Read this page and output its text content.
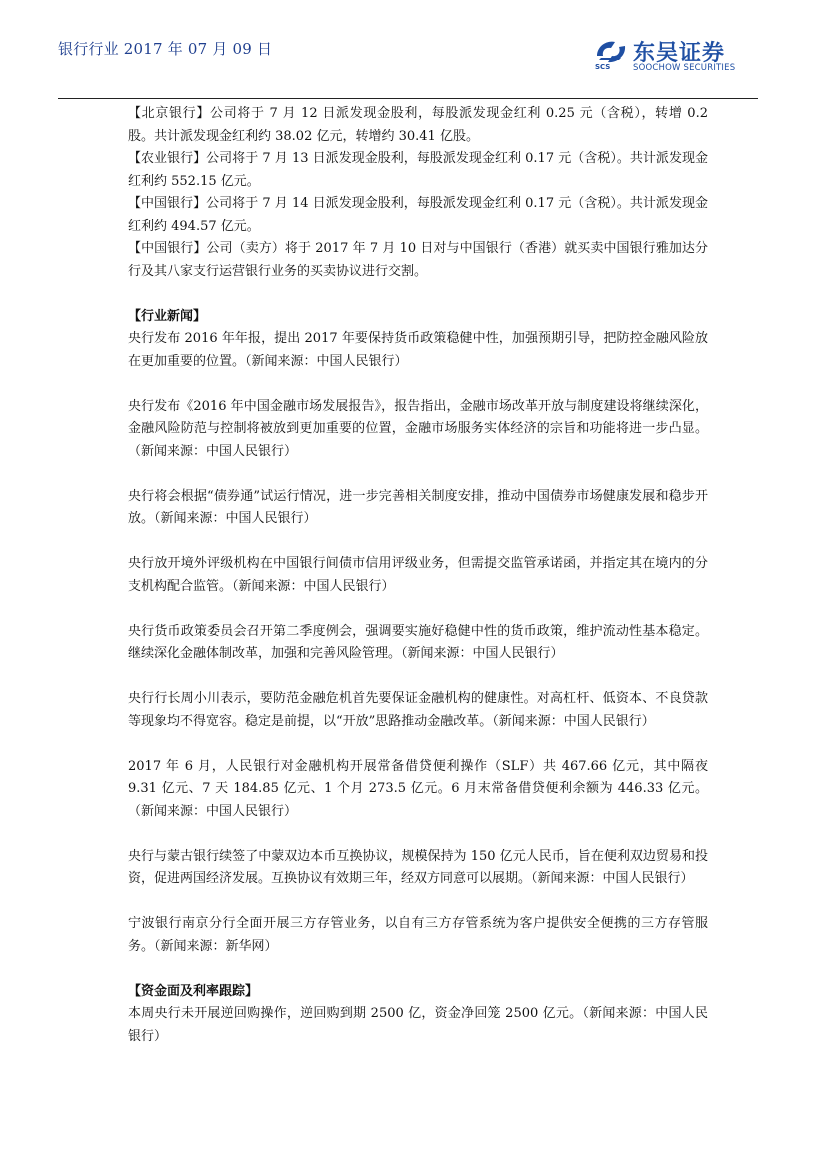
银行行业 2017 年 07 月 09 日
SCS
东吴证券
SOOCHOW SECURITIES

【北京银行】公司将于 7 月 12 日派发现金股利，每股派发现金红利 0.25 元（含税），转增 0.2 股。共计派发现金红利约 38.02 亿元，转增约 30.41 亿股。

【农业银行】公司将于 7 月 13 日派发现金股利，每股派发现金红利 0.17 元（含税）。共计派发现金红利约 552.15 亿元。

【中国银行】公司将于 7 月 14 日派发现金股利，每股派发现金红利 0.17 元（含税）。共计派发现金红利约 494.57 亿元。

【中国银行】公司（卖方）将于 2017 年 7 月 10 日对与中国银行（香港）就买卖中国银行雅加达分行及其八家支行运营银行业务的买卖协议进行交割。

【行业新闻】

央行发布 2016 年年报，提出 2017 年要保持货币政策稳健中性，加强预期引导，把防控金融风险放在更加重要的位置。（新闻来源：中国人民银行）

央行发布《2016 年中国金融市场发展报告》，报告指出，金融市场改革开放与制度建设将继续深化，金融风险防范与控制将被放到更加重要的位置，金融市场服务实体经济的宗旨和功能将进一步凸显。（新闻来源：中国人民银行）

央行将会根据“债券通”试运行情况，进一步完善相关制度安排，推动中国债券市场健康发展和稳步开放。（新闻来源：中国人民银行）

央行放开境外评级机构在中国银行间债市信用评级业务，但需提交监管承诺函，并指定其在境内的分支机构配合监管。（新闻来源：中国人民银行）

央行货币政策委员会召开第二季度例会，强调要实施好稳健中性的货币政策，维护流动性基本稳定。继续深化金融体制改革，加强和完善风险管理。（新闻来源：中国人民银行）

央行行长周小川表示，要防范金融危机首先要保证金融机构的健康性。对高杠杆、低资本、不良贷款等现象均不得宽容。稳定是前提，以“开放”思路推动金融改革。（新闻来源：中国人民银行）

2017 年 6 月，人民银行对金融机构开展常备借贷便利操作（SLF）共 467.66 亿元，其中隔夜 9.31 亿元、7 天 184.85 亿元、1 个月 273.5 亿元。6 月末常备借贷便利余额为 446.33 亿元。（新闻来源：中国人民银行）

央行与蒙古银行续签了中蒙双边本币互换协议，规模保持为 150 亿元人民币，旨在便利双边贸易和投资，促进两国经济发展。互换协议有效期三年，经双方同意可以展期。（新闻来源：中国人民银行）

宁波银行南京分行全面开展三方存管业务，以自有三方存管系统为客户提供安全便携的三方存管服务。（新闻来源：新华网）

【资金面及利率跟踪】

本周央行未开展逆回购操作，逆回购到期 2500 亿，资金净回笼 2500 亿元。（新闻来源：中国人民银行）
